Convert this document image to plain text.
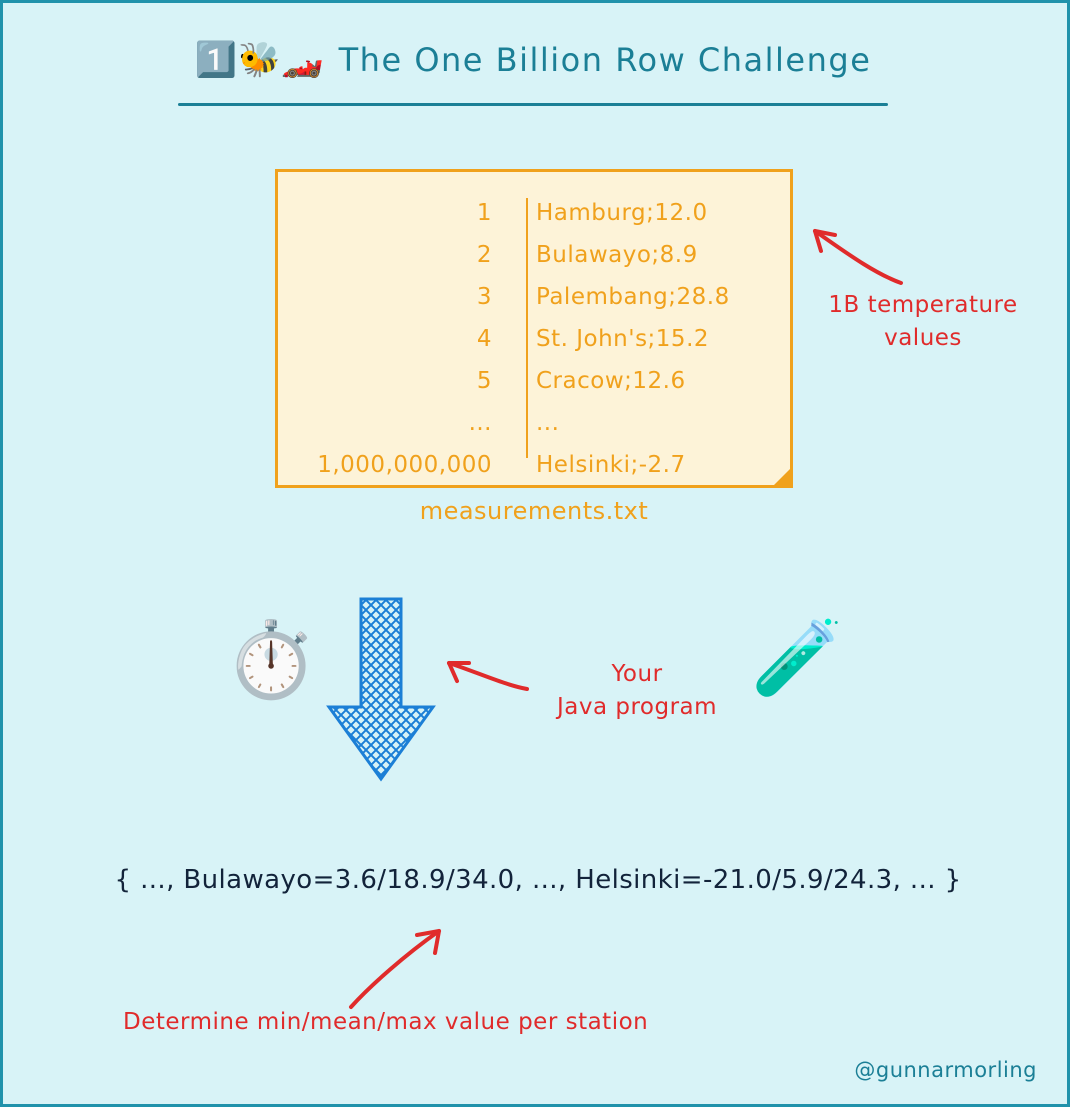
1️⃣🐝🏎️ The One Billion Row Challenge
1	Hamburg;12.0
2	Bulawayo;8.9
3	Palembang;28.8
4	St. John's;15.2
5	Cracow;12.6
...	...
1,000,000,000	Helsinki;-2.7
measurements.txt
1B temperature
values
⏱️	🧪
Your
Java program
{ ..., Bulawayo=3.6/18.9/34.0, ..., Helsinki=-21.0/5.9/24.3, ... }
Determine min/mean/max value per station
@gunnarmorling
